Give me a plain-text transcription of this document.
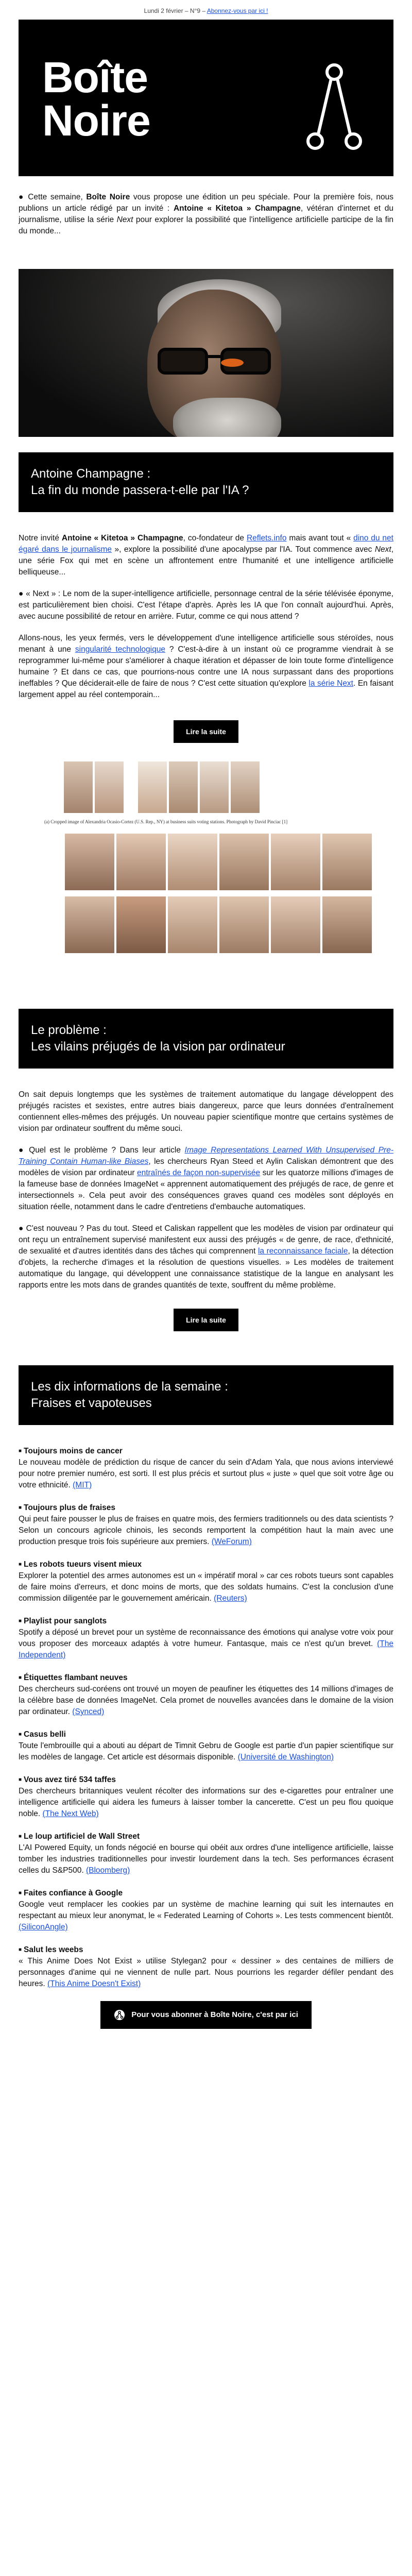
Lundi 2 février – N°9 – Abonnez-vous par ici !
Boîte
Noire

● Cette semaine, Boîte Noire vous propose une édition un peu spéciale. Pour la première fois, nous publions un article rédigé par un invité : Antoine « Kitetoa » Champagne, vétéran d'internet et du journalisme, utilise la série Next pour explorer la possibilité que l'intelligence artificielle participe de la fin du monde...

Antoine Champagne :
La fin du monde passera-t-elle par l'IA ?

Notre invité Antoine « Kitetoa » Champagne, co-fondateur de Reflets.info mais avant tout « dino du net égaré dans le journalisme », explore la possibilité d'une apocalypse par l'IA. Tout commence avec Next, une série Fox qui met en scène un affrontement entre l'humanité et une intelligence artificielle belliqueuse...

● « Next » : Le nom de la super-intelligence artificielle, personnage central de la série télévisée éponyme, est particulièrement bien choisi. C'est l'étape d'après. Après les IA que l'on connaît aujourd'hui. Après, avec aucune possibilité de retour en arrière. Futur, comme ce qui nous attend ?

Allons-nous, les yeux fermés, vers le développement d'une intelligence artificielle sous stéroïdes, nous menant à une singularité technologique ? C'est-à-dire à un instant où ce programme viendrait à se reprogrammer lui-même pour s'améliorer à chaque itération et dépasser de loin toute forme d'intelligence humaine ? Et dans ce cas, que pourrions-nous contre une IA nous surpassant dans des proportions ineffables ? Que déciderait-elle de faire de nous ? C'est cette situation qu'explore la série Next. En faisant largement appel au réel contemporain...

Lire la suite
(a) Cropped image of Alexandria Ocasio-Cortez (U.S. Rep., NY) at business suits voting stations. Photograph by David Pinciac [1]
Le problème :
Les vilains préjugés de la vision par ordinateur

On sait depuis longtemps que les systèmes de traitement automatique du langage développent des préjugés racistes et sexistes, entre autres biais dangereux, parce que leurs données d'entraînement contiennent elles-mêmes des préjugés. Un nouveau papier scientifique montre que certains systèmes de vision par ordinateur souffrent du même souci.

● Quel est le problème ? Dans leur article Image Representations Learned With Unsupervised Pre-Training Contain Human-like Biases, les chercheurs Ryan Steed et Aylin Caliskan démontrent que des modèles de vision par ordinateur entraînés de façon non-supervisée sur les quatorze millions d'images de la fameuse base de données ImageNet « apprennent automatiquement des préjugés de race, de genre et intersectionnels ». Cela peut avoir des conséquences graves quand ces modèles sont déployés en situation réelle, notamment dans le cadre d'entretiens d'embauche automatiques.

● C'est nouveau ? Pas du tout. Steed et Caliskan rappellent que les modèles de vision par ordinateur qui ont reçu un entraînement supervisé manifestent eux aussi des préjugés « de genre, de race, d'ethnicité, de sexualité et d'autres identités dans des tâches qui comprennent la reconnaissance faciale, la détection d'objets, la recherche d'images et la résolution de questions visuelles. » Les modèles de traitement automatique du langage, qui développent une connaissance statistique de la langue en analysant les rapports entre les mots dans de grandes quantités de texte, souffrent du même problème.

Lire la suite
Les dix informations de la semaine :
Fraises et vapoteuses

■ Toujours moins de cancer

Le nouveau modèle de prédiction du risque de cancer du sein d'Adam Yala, que nous avions interviewé pour notre premier numéro, est sorti. Il est plus précis et surtout plus « juste » quel que soit votre âge ou votre ethnicité. (MIT)

■ Toujours plus de fraises

Qui peut faire pousser le plus de fraises en quatre mois, des fermiers traditionnels ou des data scientists ? Selon un concours agricole chinois, les seconds remportent la compétition haut la main avec une production presque trois fois supérieure aux premiers. (WeForum)

■ Les robots tueurs visent mieux

Explorer la potentiel des armes autonomes est un « impératif moral » car ces robots tueurs sont capables de faire moins d'erreurs, et donc moins de morts, que des soldats humains. C'est la conclusion d'une commission diligentée par le gouvernement américain. (Reuters)

■ Playlist pour sanglots

Spotify a déposé un brevet pour un système de reconnaissance des émotions qui analyse votre voix pour vous proposer des morceaux adaptés à votre humeur. Fantasque, mais ce n'est qu'un brevet. (The Independent)

■ Étiquettes flambant neuves

Des chercheurs sud-coréens ont trouvé un moyen de peaufiner les étiquettes des 14 millions d'images de la célèbre base de données ImageNet. Cela promet de nouvelles avancées dans le domaine de la vision par ordinateur. (Synced)

■ Casus belli

Toute l'embrouille qui a abouti au départ de Timnit Gebru de Google est partie d'un papier scientifique sur les modèles de langage. Cet article est désormais disponible. (Université de Washington)

■ Vous avez tiré 534 taffes

Des chercheurs britanniques veulent récolter des informations sur des e-cigarettes pour entraîner une intelligence artificielle qui aidera les fumeurs à laisser tomber la cancerette. C'est un peu flou quoique noble. (The Next Web)

■ Le loup artificiel de Wall Street

L'AI Powered Equity, un fonds négocié en bourse qui obéit aux ordres d'une intelligence artificielle, laisse tomber les industries traditionnelles pour investir lourdement dans la tech. Ses performances écrasent celles du S&P500. (Bloomberg)

■ Faites confiance à Google

Google veut remplacer les cookies par un système de machine learning qui suit les internautes en respectant au mieux leur anonymat, le « Federated Learning of Cohorts ». Les tests commencent bientôt. (SiliconAngle)

■ Salut les weebs

« This Anime Does Not Exist » utilise Stylegan2 pour « dessiner » des centaines de milliers de personnages d'anime qui ne viennent de nulle part. Nous pourrions les regarder défiler pendant des heures. (This Anime Doesn't Exist)

Pour vous abonner à Boîte Noire, c'est par ici
